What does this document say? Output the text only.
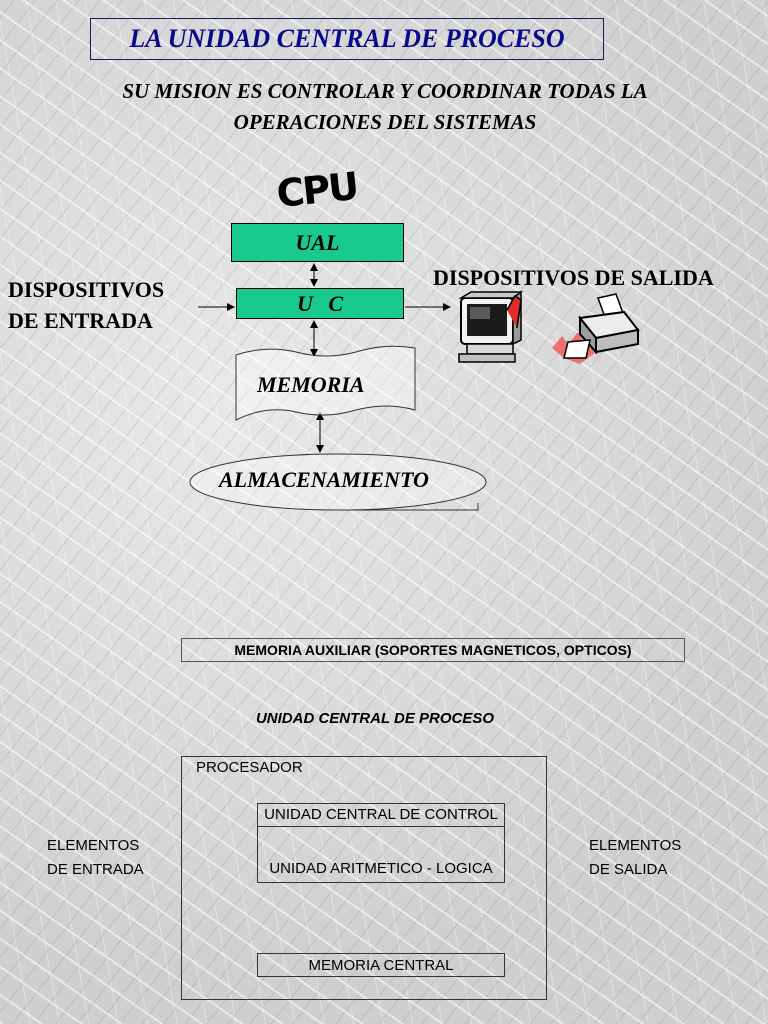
LA UNIDAD CENTRAL DE PROCESO
SU MISION ES CONTROLAR Y COORDINAR TODAS LA
OPERACIONES DEL SISTEMAS
CPU
UAL
U C
DISPOSITIVOS
DE ENTRADA
DISPOSITIVOS DE SALIDA
MEMORIA
ALMACENAMIENTO
MEMORIA AUXILIAR (SOPORTES MAGNETICOS, OPTICOS)
UNIDAD CENTRAL DE PROCESO
PROCESADOR
UNIDAD CENTRAL DE CONTROL
UNIDAD ARITMETICO - LOGICA
MEMORIA CENTRAL
ELEMENTOS
DE ENTRADA
ELEMENTOS
DE SALIDA
